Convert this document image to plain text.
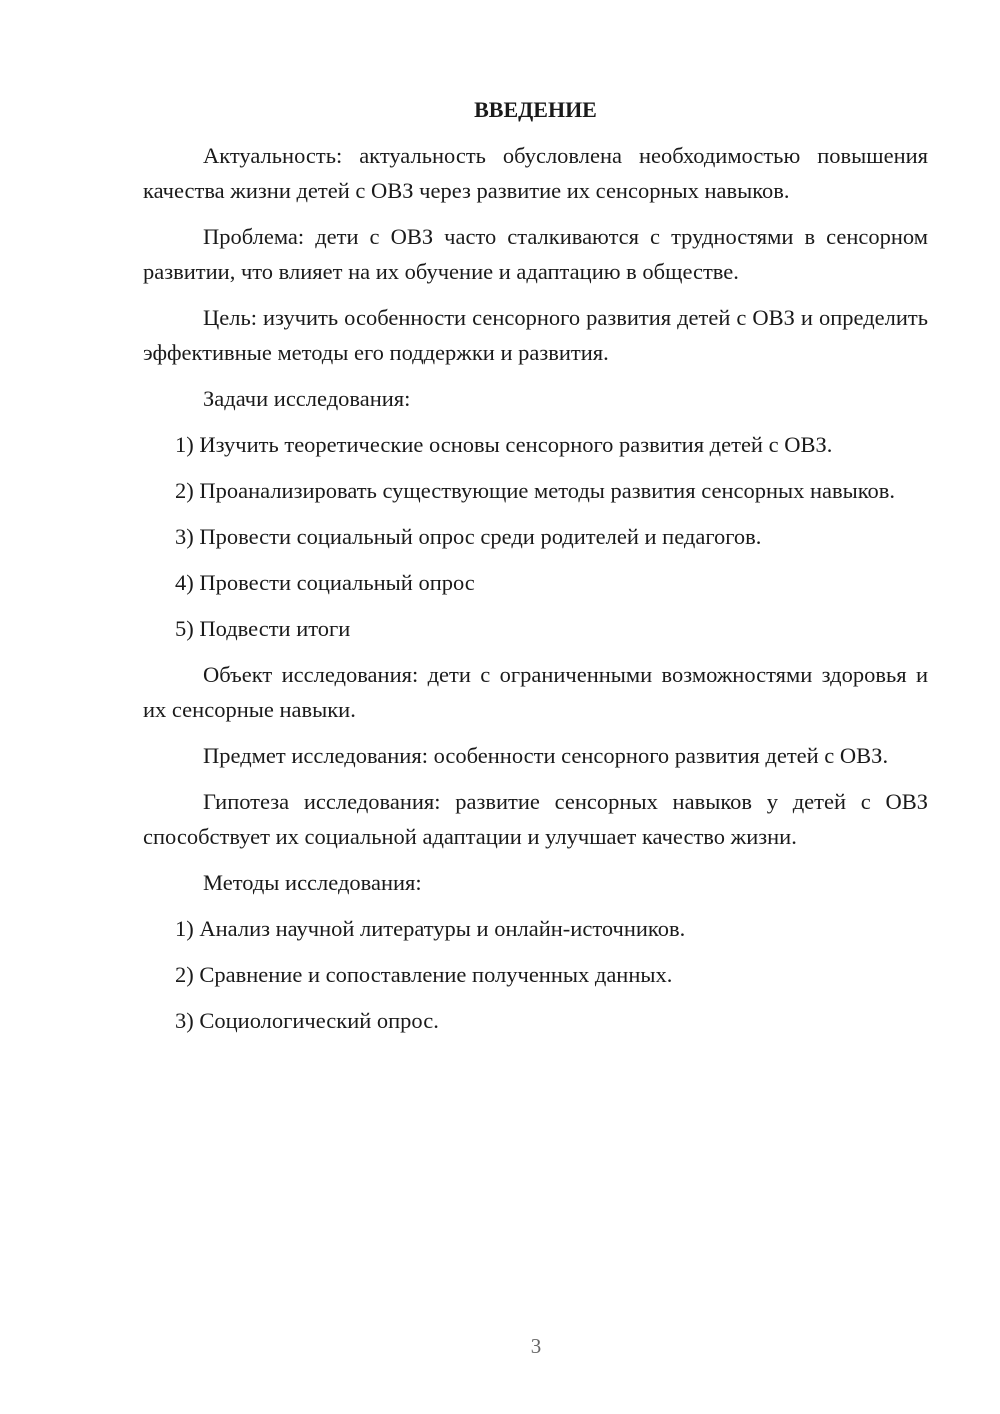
ВВЕДЕНИЕ
Актуальность: актуальность обусловлена необходимостью повышения качества жизни детей с ОВЗ через развитие их сенсорных навыков.
Проблема: дети с ОВЗ часто сталкиваются с трудностями в сенсорном развитии, что влияет на их обучение и адаптацию в обществе.
Цель: изучить особенности сенсорного развития детей с ОВЗ и определить эффективные методы его поддержки и развития.
Задачи исследования:
1) Изучить теоретические основы сенсорного развития детей с ОВЗ.
2) Проанализировать существующие методы развития сенсорных навыков.
3) Провести социальный опрос среди родителей и педагогов.
4) Провести социальный опрос
5) Подвести итоги
Объект исследования: дети с ограниченными возможностями здоровья и их сенсорные навыки.
Предмет исследования: особенности сенсорного развития детей с ОВЗ.
Гипотеза исследования: развитие сенсорных навыков у детей с ОВЗ способствует их социальной адаптации и улучшает качество жизни.
Методы исследования:
1) Анализ научной литературы и онлайн-источников.
2) Сравнение и сопоставление полученных данных.
3) Социологический опрос.
3
